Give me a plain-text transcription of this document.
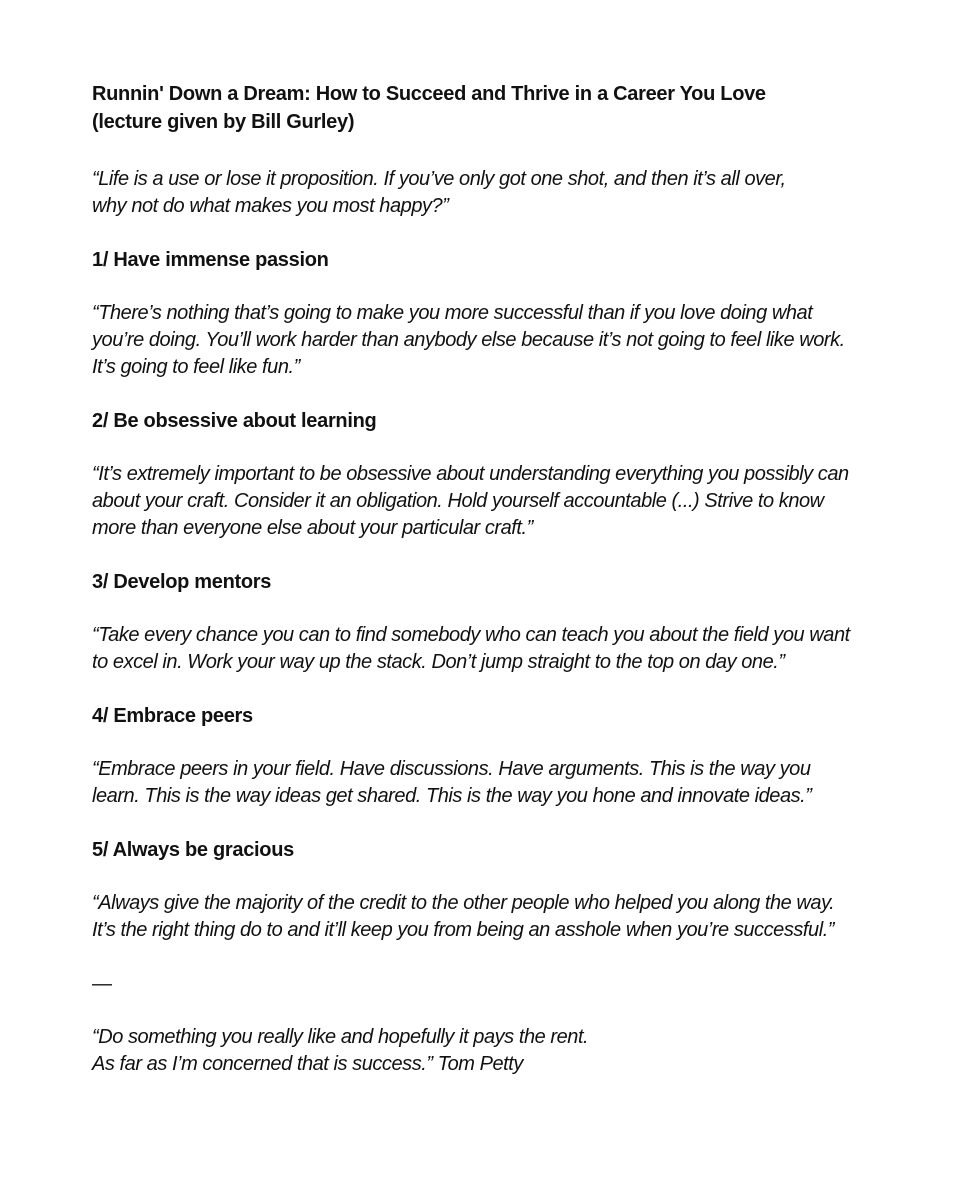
Runnin' Down a Dream: How to Succeed and Thrive in a Career You Love
(lecture given by Bill Gurley)

“Life is a use or lose it proposition. If you’ve only got one shot, and then it’s all over,
why not do what makes you most happy?”

1/ Have immense passion

“There’s nothing that’s going to make you more successful than if you love doing what
you’re doing. You’ll work harder than anybody else because it’s not going to feel like work.
It’s going to feel like fun.”

2/ Be obsessive about learning

“It’s extremely important to be obsessive about understanding everything you possibly can
about your craft. Consider it an obligation. Hold yourself accountable (...) Strive to know
more than everyone else about your particular craft.”

3/ Develop mentors

“Take every chance you can to find somebody who can teach you about the field you want
to excel in. Work your way up the stack. Don’t jump straight to the top on day one.”

4/ Embrace peers

“Embrace peers in your field. Have discussions. Have arguments. This is the way you
learn. This is the way ideas get shared. This is the way you hone and innovate ideas.”

5/ Always be gracious

“Always give the majority of the credit to the other people who helped you along the way.
It’s the right thing do to and it’ll keep you from being an asshole when you’re successful.”

—

“Do something you really like and hopefully it pays the rent.
As far as I’m concerned that is success.” Tom Petty
